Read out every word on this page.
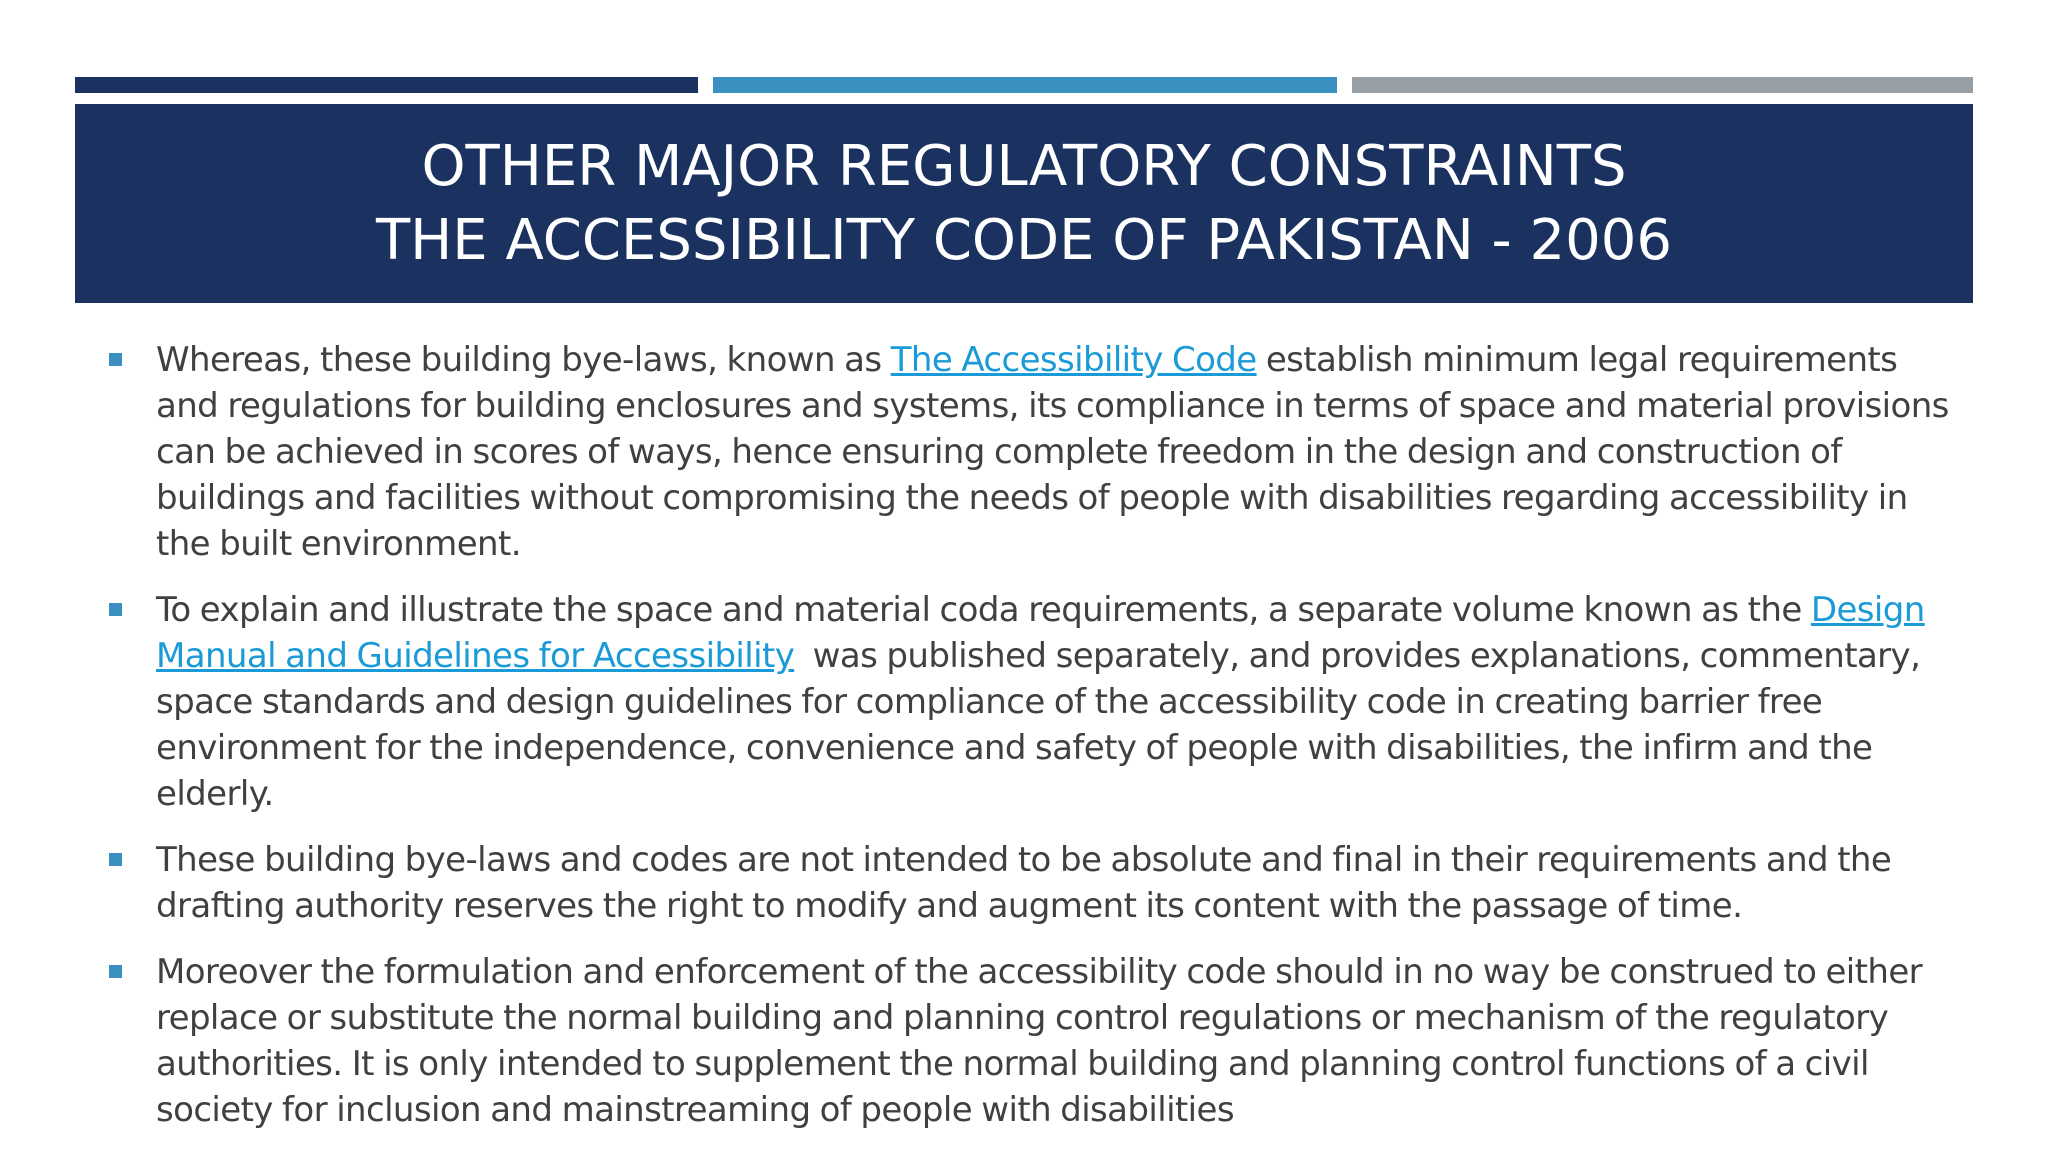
OTHER MAJOR REGULATORY CONSTRAINTS
THE ACCESSIBILITY CODE OF PAKISTAN - 2006
Whereas, these building bye-laws, known as The Accessibility Code establish minimum legal requirements and regulations for building enclosures and systems, its compliance in terms of space and material provisions can be achieved in scores of ways, hence ensuring complete freedom in the design and construction of buildings and facilities without compromising the needs of people with disabilities regarding accessibility in the built environment.
To explain and illustrate the space and material coda requirements, a separate volume known as the Design Manual and Guidelines for Accessibility  was published separately, and provides explanations, commentary, space standards and design guidelines for compliance of the accessibility code in creating barrier free environment for the independence, convenience and safety of people with disabilities, the infirm and the elderly.
These building bye-laws and codes are not intended to be absolute and final in their requirements and the drafting authority reserves the right to modify and augment its content with the passage of time.
Moreover the formulation and enforcement of the accessibility code should in no way be construed to either replace or substitute the normal building and planning control regulations or mechanism of the regulatory authorities. It is only intended to supplement the normal building and planning control functions of a civil society for inclusion and mainstreaming of people with disabilities
